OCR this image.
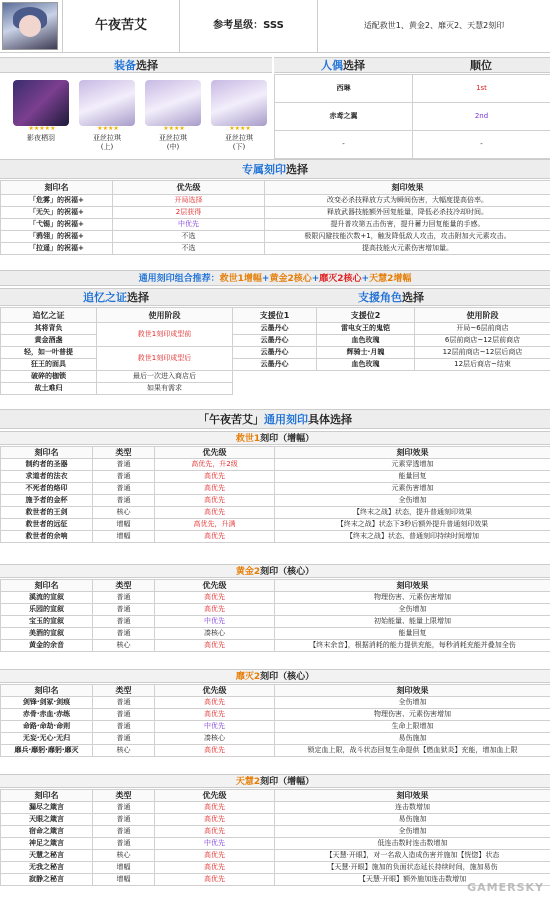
午夜苦艾	参考星级：SSS	适配救世1、黄金2、靡灭2、天慧2刻印
装备选择	人偶选择	顺位
★★★★★
影夜栖羽
★★★★
亚丝拉琪
(上)
★★★★
亚丝拉琪
(中)
★★★★
亚丝拉琪
(下)
西琳	1st
赤鸢之翼	2nd
-	-
专属刻印选择
刻印名	优先级	刻印效果
「危雾」的祝福+	开局选择	改变必杀技释放方式为瞬间伤害，大幅度提高倍率。
「无矢」的祝福+	2层获得	释放武器技能额外回复能量，降低必杀技冷却时间。
「弋锡」的祝福+	中优先	提升普攻第五击伤害，提升蓄力回复能量的手感。
「鸦翎」的祝福+	不选	极限闪避技能次数+1，触发降低敌人攻击，攻击附加火元素攻击。
「拉遥」的祝福+	不选	提高技能火元素伤害增加量。
通用刻印组合推荐：救世1增幅+黄金2核心+靡灭2核心+天慧2增幅
追忆之证选择	支援角色选择
追忆之证	使用阶段
其将背负	救世1刻印成型前
黄金酒盏	
轻，如一叶普提	救世1刻印成型后
狂王的面具	
破碎的枷锁	最后一次进入商店后
故土难归	如果有需求
支援位1	支援位2	使用阶段
云墨丹心	雷电女王的鬼铠	开局~6层前商店
云墨丹心	血色玫瑰	6层前商店~12层前商店
云墨丹心	辉骑士·月魄	12层前商店~12层后商店
云墨丹心	血色玫瑰	12层后商店~结束
「午夜苦艾」通用刻印具体选择
救世1刻印（增幅）
刻印名	类型	优先级	刻印效果
制约者的圣器	普通	高优先，升2级	元素穿透增加
求道者的法衣	普通	高优先	能量回复
不死者的烙印	普通	高优先	元素伤害增加
施予者的金杯	普通	高优先	全伤增加
救世者的王剑	核心	高优先	【终末之战】状态，提升普通刻印效果
救世者的远征	增幅	高优先，升满	【终末之战】状态下3秒后额外提升普通刻印效果
救世者的余响	增幅	高优先	【终末之战】状态、普通刻印持续时间增加
黄金2刻印（核心）
刻印名	类型	优先级	刻印效果
溪流的宣叙	普通	高优先	物理伤害、元素伤害增加
乐园的宣叙	普通	高优先	全伤增加
宝玉的宣叙	普通	中优先	初始能量、能量上限增加
美酒的宣叙	普通	凑核心	能量回复
黄金的余音	核心	高优先	【终末余音】，根据消耗的能力提供充能，每秒消耗充能并叠加全伤
靡灭2刻印（核心）
刻印名	类型	优先级	刻印效果
剑锋·剑冢·剑痕	普通	高优先	全伤增加
赤骨·赤血·赤练	普通	高优先	物理伤害、元素伤害增加
命路·命劫·命则	普通	中优先	生命上限增加
无妄·无心·无归	普通	凑核心	易伤施加
靡兵·靡躬·靡躬·靡灭	核心	高优先	锁定血上限，战斗状态回复生命提供【燃血狱炎】充能，增加血上限
天慧2刻印（增幅）
刻印名	类型	优先级	刻印效果
漏尽之箴言	普通	高优先	连击数增加
天眼之箴言	普通	高优先	易伤施加
宿命之箴言	普通	高优先	全伤增加
神足之箴言	普通	中优先	低连击数时连击数增加
天慧之秘言	核心	高优先	【天慧·开眼】，对一名敌人造成伤害并施加【恍惚】状态
无我之秘言	增幅	高优先	【天慧·开眼】施加的负面状态延长持续时间，施加易伤
寂静之秘言	增幅	高优先	【天慧·开眼】额外施加连击数增加
GAMERSKY
